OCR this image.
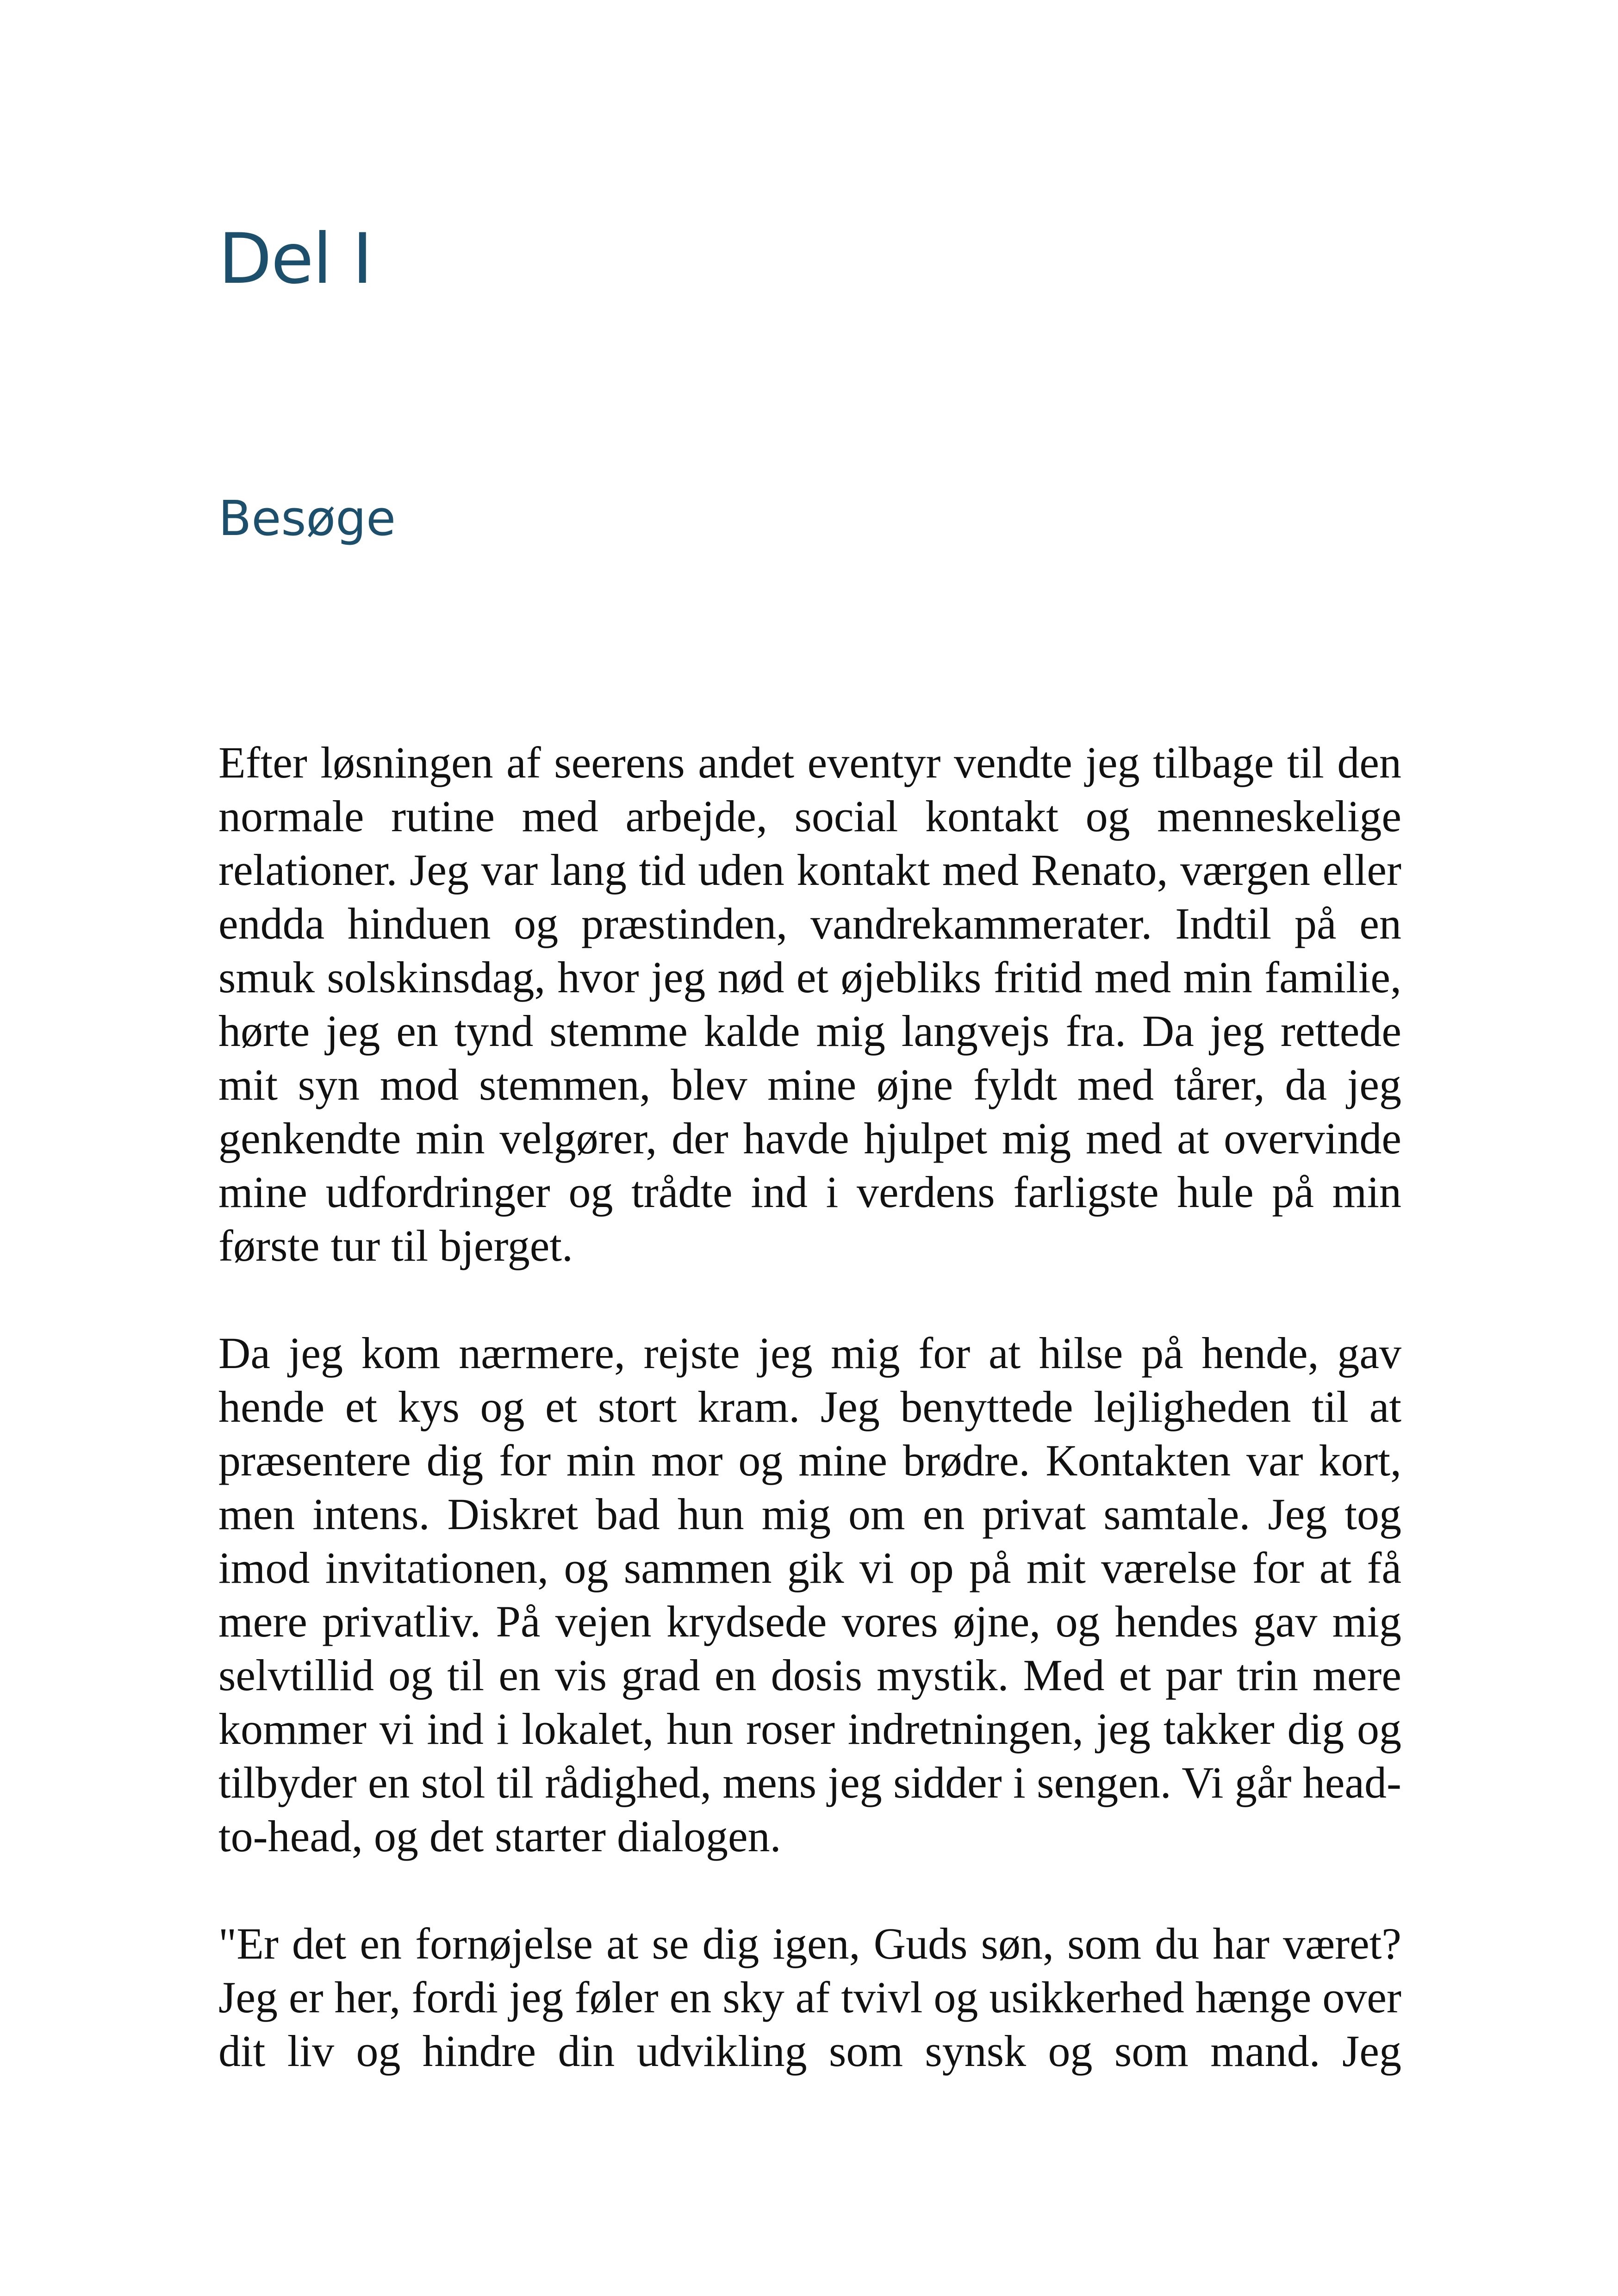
Del I
Besøge

Efter løsningen af seerens andet eventyr vendte jeg tilbage til den normale rutine med arbejde, social kontakt og menneskelige relationer. Jeg var lang tid uden kontakt med Renato, værgen eller endda hinduen og præstinden, vandrekammerater. Indtil på en smuk solskinsdag, hvor jeg nød et øjebliks fritid med min familie, hørte jeg en tynd stemme kalde mig langvejs fra. Da jeg rettede mit syn mod stemmen, blev mine øjne fyldt med tårer, da jeg genkendte min velgører, der havde hjulpet mig med at overvinde mine udfordringer og trådte ind i verdens farligste hule på min første tur til bjerget.

Da jeg kom nærmere, rejste jeg mig for at hilse på hende, gav hende et kys og et stort kram. Jeg benyttede lejligheden til at præsentere dig for min mor og mine brødre. Kontakten var kort, men intens. Diskret bad hun mig om en privat samtale. Jeg tog imod invitationen, og sammen gik vi op på mit værelse for at få mere privatliv. På vejen krydsede vores øjne, og hendes gav mig selvtillid og til en vis grad en dosis mystik. Med et par trin mere kommer vi ind i lokalet, hun roser indretningen, jeg takker dig og tilbyder en stol til rådighed, mens jeg sidder i sengen. Vi går head-to-head, og det starter dialogen.

"Er det en fornøjelse at se dig igen, Guds søn, som du har været? Jeg er her, fordi jeg føler en sky af tvivl og usikkerhed hænge over dit liv og hindre din udvikling som synsk og som mand. Jeg
